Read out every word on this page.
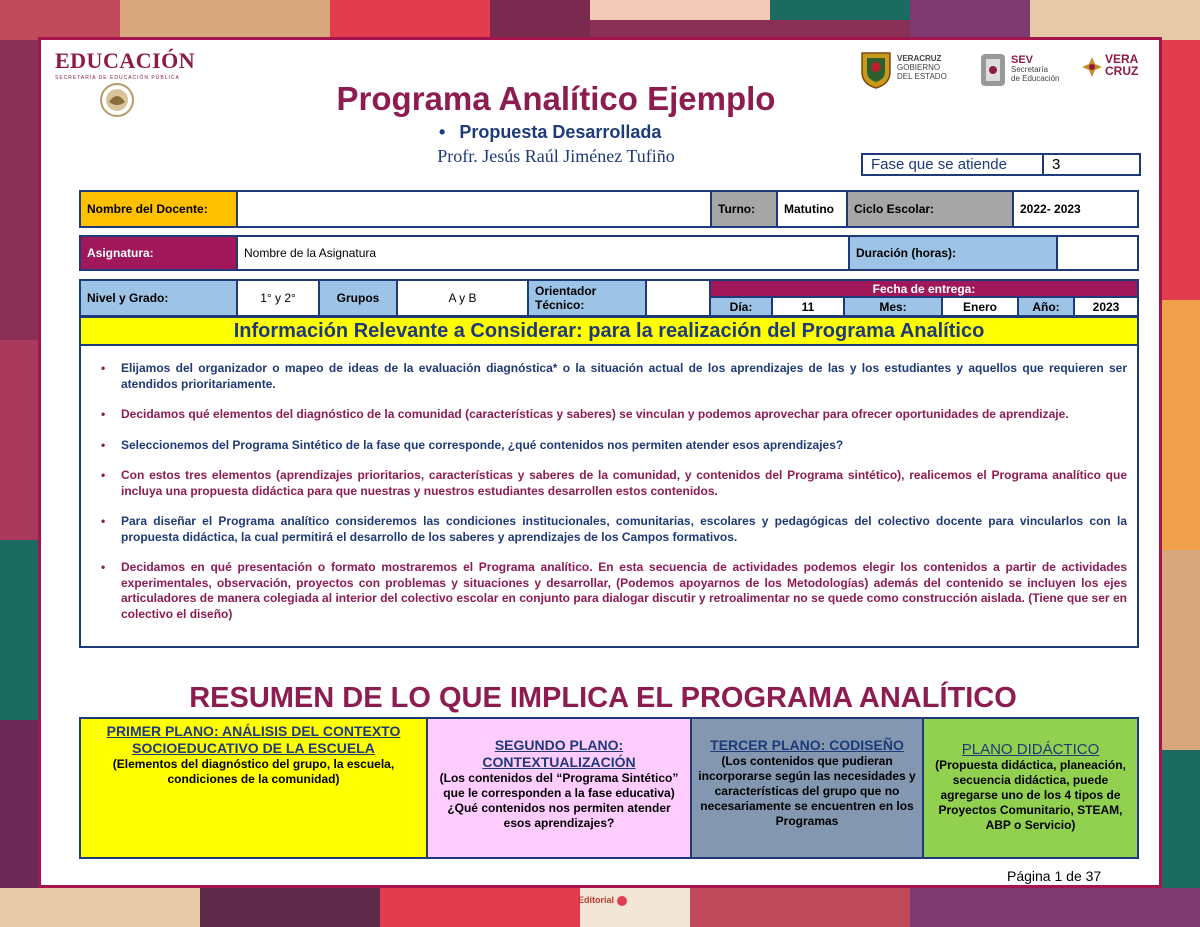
EDUCACIÓN
SECRETARÍA DE EDUCACIÓN PÚBLICA
VERACRUZ
GOBIERNO
DEL ESTADO
SEV
Secretaría
de Educación
VERA
CRUZ
Programa Analítico Ejemplo
• Propuesta Desarrollada
Profr. Jesús Raúl Jiménez Tufiño	Fase que se atiende	3
Nombre del Docente:		Turno:	Matutino	Ciclo Escolar:	2022- 2023
Asignatura:	Nombre de la Asignatura	Duración (horas):	
Nivel y Grado:	1° y 2°	Grupos	A y B	Orientador Técnico:		Fecha de entrega:					
						Día:	11	Mes:	Enero	Año:	2023
Información Relevante a Considerar: para la realización del Programa Analítico
• Elijamos del organizador o mapeo de ideas de la evaluación diagnóstica* o la situación actual de los aprendizajes de las y los estudiantes y aquellos que requieren ser atendidos prioritariamente.
• Decidamos qué elementos del diagnóstico de la comunidad (características y saberes) se vinculan y podemos aprovechar para ofrecer oportunidades de aprendizaje.
• Seleccionemos del Programa Sintético de la fase que corresponde, ¿qué contenidos nos permiten atender esos aprendizajes?
• Con estos tres elementos (aprendizajes prioritarios, características y saberes de la comunidad, y contenidos del Programa sintético), realicemos el Programa analítico que incluya una propuesta didáctica para que nuestras y nuestros estudiantes desarrollen estos contenidos.
• Para diseñar el Programa analítico consideremos las condiciones institucionales, comunitarias, escolares y pedagógicas del colectivo docente para vincularlos con la propuesta didáctica, la cual permitirá el desarrollo de los saberes y aprendizajes de los Campos formativos.
• Decidamos en qué presentación o formato mostraremos el Programa analítico. En esta secuencia de actividades podemos elegir los contenidos a partir de actividades experimentales, observación, proyectos con problemas y situaciones y desarrollar, (Podemos apoyarnos de los Metodologías) además del contenido se incluyen los ejes articuladores de manera colegiada al interior del colectivo escolar en conjunto para dialogar discutir y retroalimentar no se quede como construcción aislada. (Tiene que ser en colectivo el diseño)
RESUMEN DE LO QUE IMPLICA EL PROGRAMA ANALÍTICO
PRIMER PLANO: ANÁLISIS DEL CONTEXTO SOCIOEDUCATIVO DE LA ESCUELA
(Elementos del diagnóstico del grupo, la escuela, condiciones de la comunidad)
SEGUNDO PLANO: CONTEXTUALIZACIÓN
(Los contenidos del “Programa Sintético” que le corresponden a la fase educativa) ¿Qué contenidos nos permiten atender esos aprendizajes?
TERCER PLANO: CODISEÑO
(Los contenidos que pudieran incorporarse según las necesidades y características del grupo que no necesariamente se encuentren en los Programas
PLANO DIDÁCTICO
(Propuesta didáctica, planeación, secuencia didáctica, puede agregarse uno de los 4 tipos de Proyectos Comunitario, STEAM, ABP o Servicio)
Página 1 de 37
Editorial
